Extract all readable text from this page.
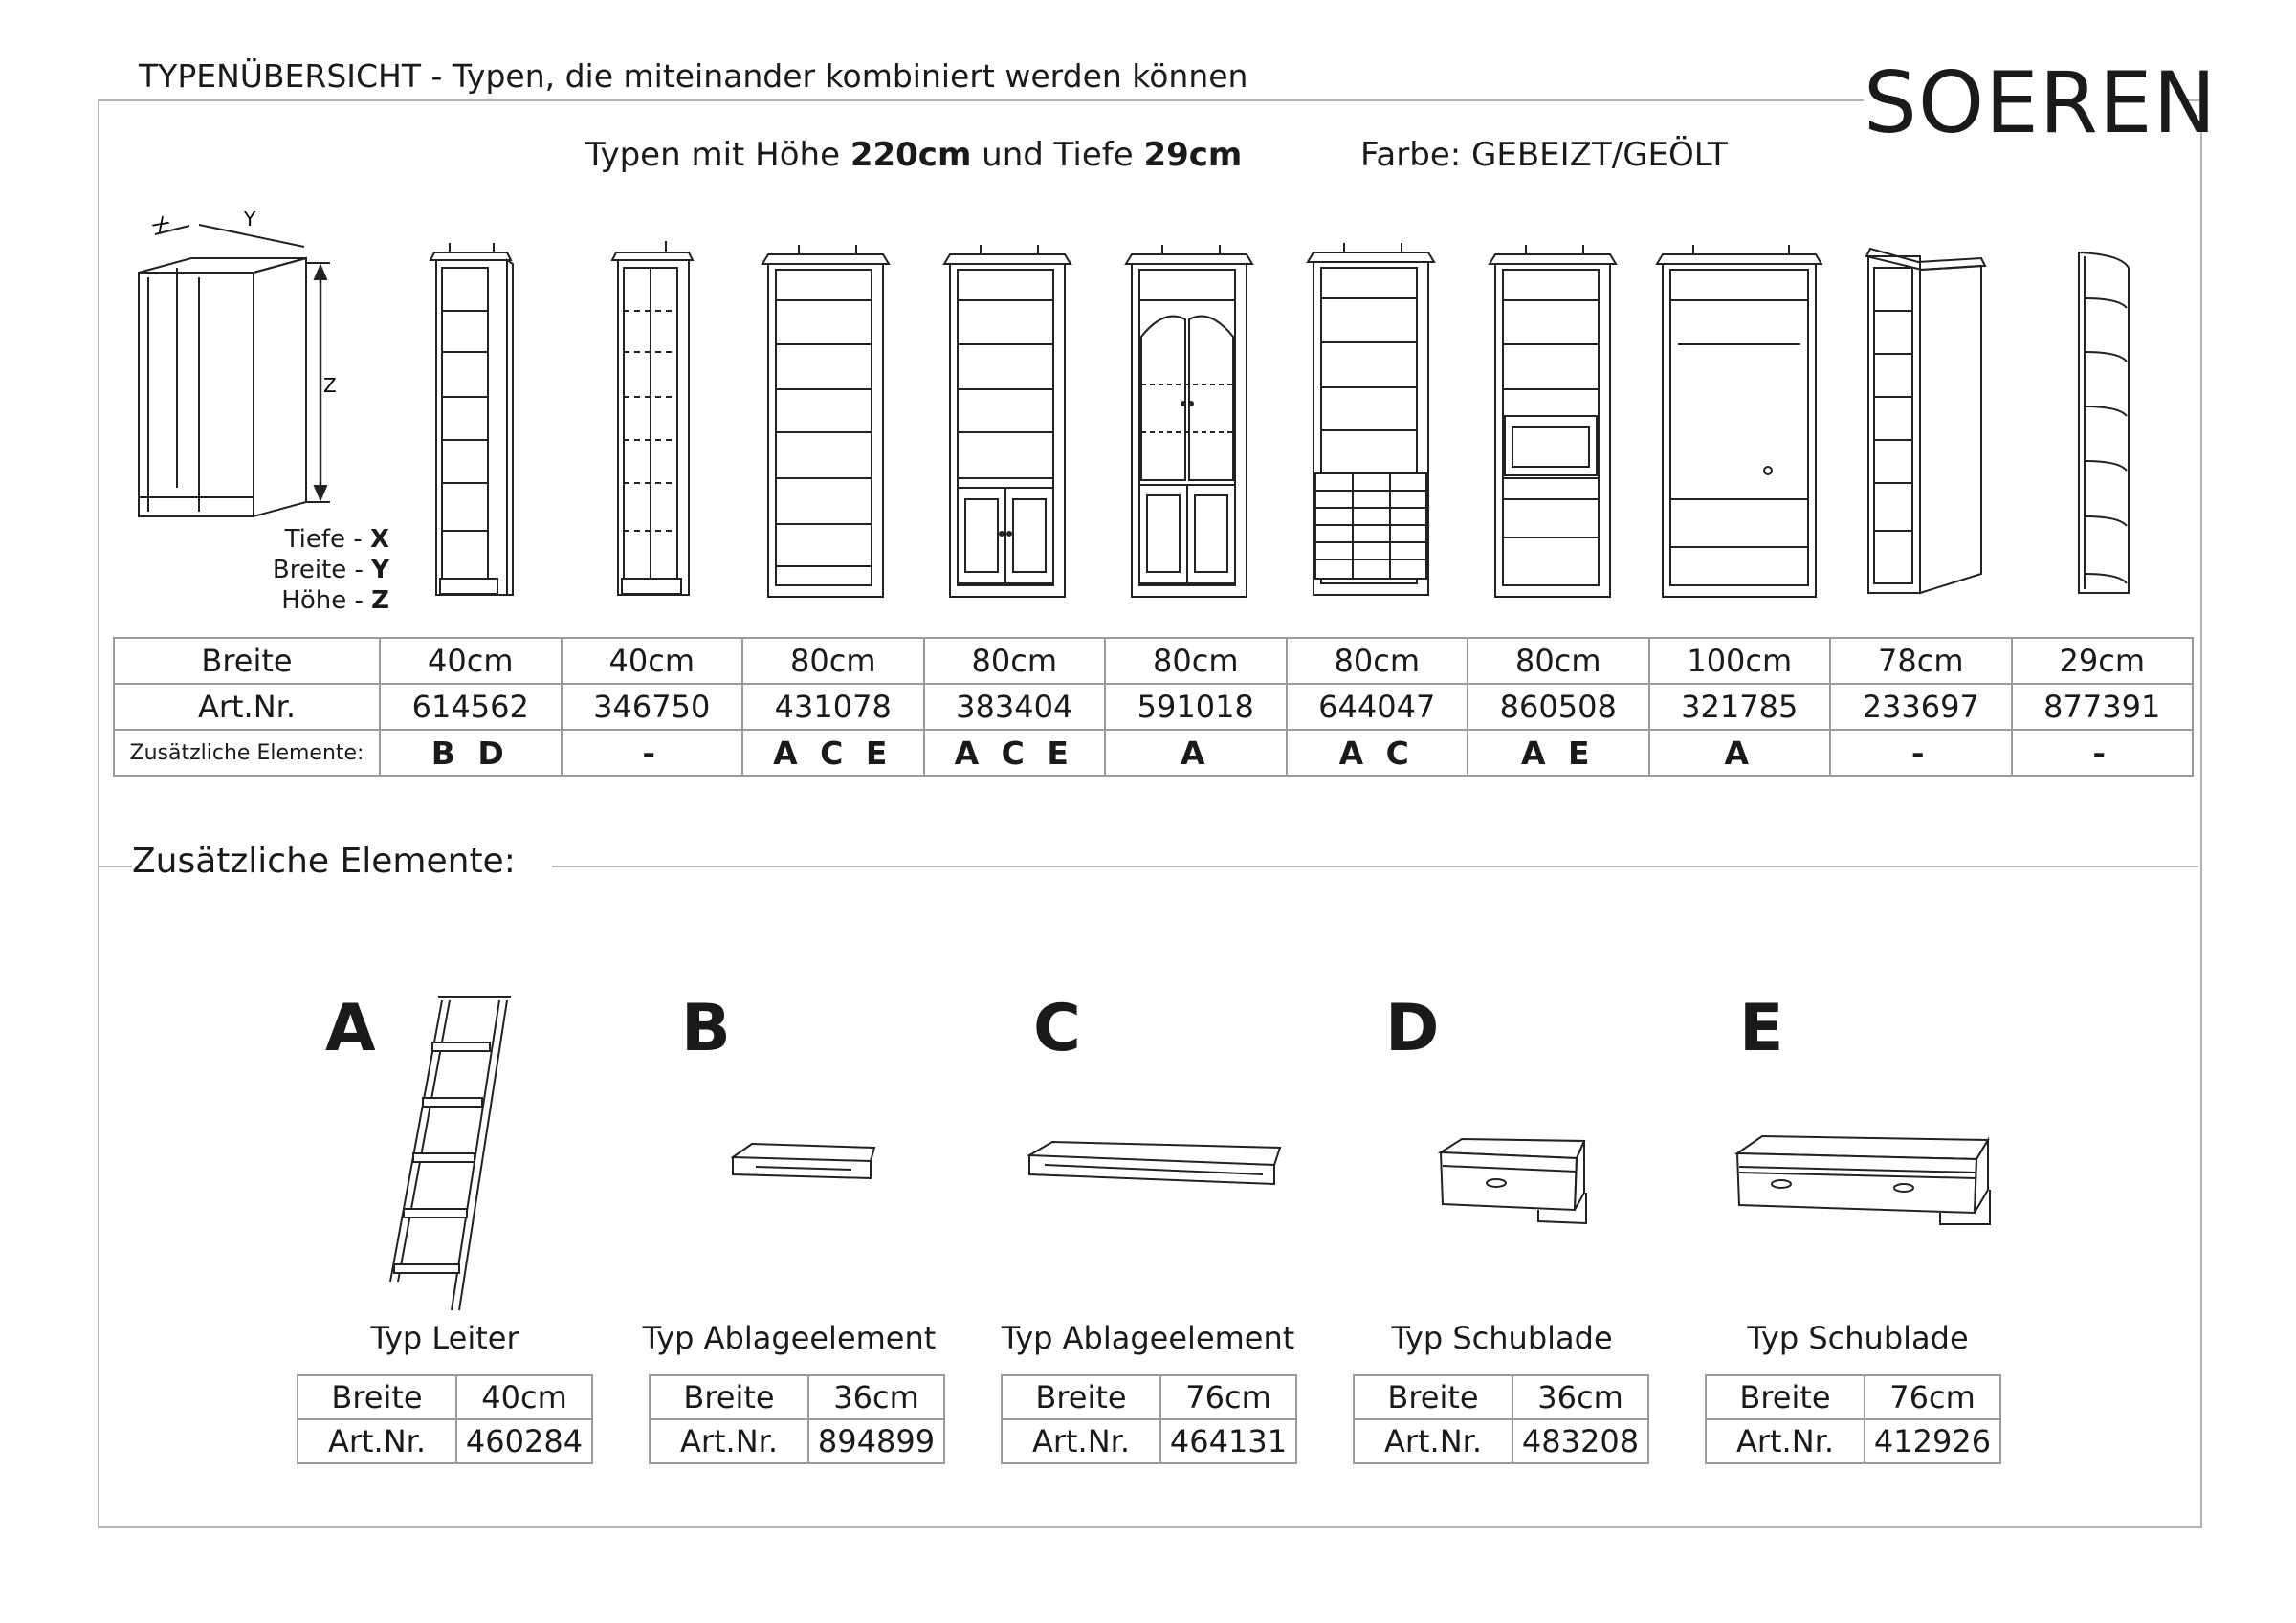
TYPENÜBERSICHT - Typen, die miteinander kombiniert werden können	SOEREN
Typen mit Höhe 220cm und Tiefe 29cm	Farbe: GEBEIZT/GEÖLT
X	Y
Z
Tiefe - X
Breite - Y
Höhe - Z
Breite	40cm	40cm	80cm	80cm	80cm	80cm	80cm	100cm	78cm	29cm
Art.Nr.	614562	346750	431078	383404	591018	644047	860508	321785	233697	877391
Zusätzliche Elemente:	B D	-	A C E	A C E	A	A C	A E	A	-	-
Zusätzliche Elemente:
A	B	C	D	E
Typ Leiter	Typ Ablageelement	Typ Ablageelement	Typ Schublade	Typ Schublade
Breite	40cm
Art.Nr.	460284
Breite	36cm
Art.Nr.	894899
Breite	76cm
Art.Nr.	464131
Breite	36cm
Art.Nr.	483208
Breite	76cm
Art.Nr.	412926
